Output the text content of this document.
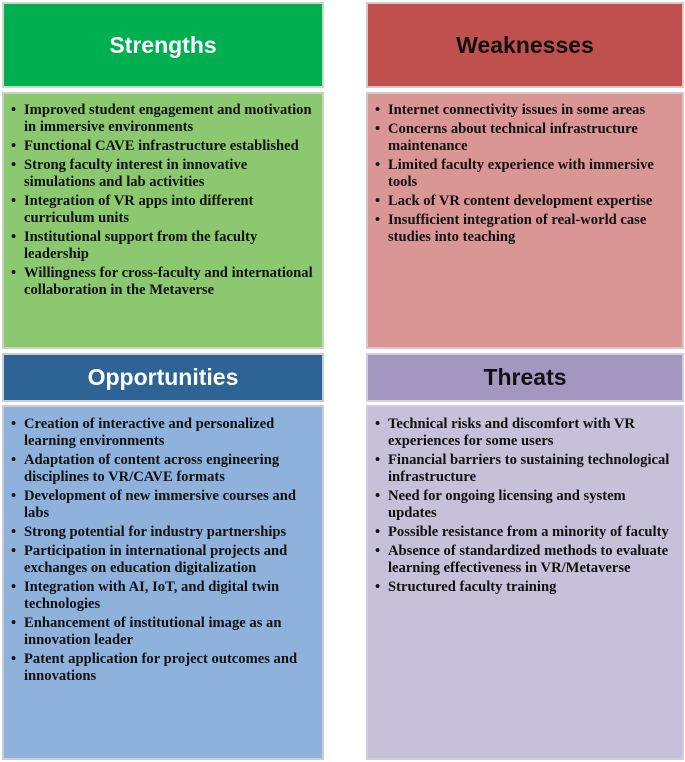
Strengths
• Improved student engagement and motivation in immersive environments
• Functional CAVE infrastructure established
• Strong faculty interest in innovative simulations and lab activities
• Integration of VR apps into different curriculum units
• Institutional support from the faculty leadership
• Willingness for cross-faculty and international collaboration in the Metaverse
Weaknesses
• Internet connectivity issues in some areas
• Concerns about technical infrastructure maintenance
• Limited faculty experience with immersive tools
• Lack of VR content development expertise
• Insufficient integration of real-world case studies into teaching
Opportunities
• Creation of interactive and personalized learning environments
• Adaptation of content across engineering disciplines to VR/CAVE formats
• Development of new immersive courses and labs
• Strong potential for industry partnerships
• Participation in international projects and exchanges on education digitalization
• Integration with AI, IoT, and digital twin technologies
• Enhancement of institutional image as an innovation leader
• Patent application for project outcomes and innovations
Threats
• Technical risks and discomfort with VR experiences for some users
• Financial barriers to sustaining technological infrastructure
• Need for ongoing licensing and system updates
• Possible resistance from a minority of faculty
• Absence of standardized methods to evaluate learning effectiveness in VR/Metaverse
• Structured faculty training
